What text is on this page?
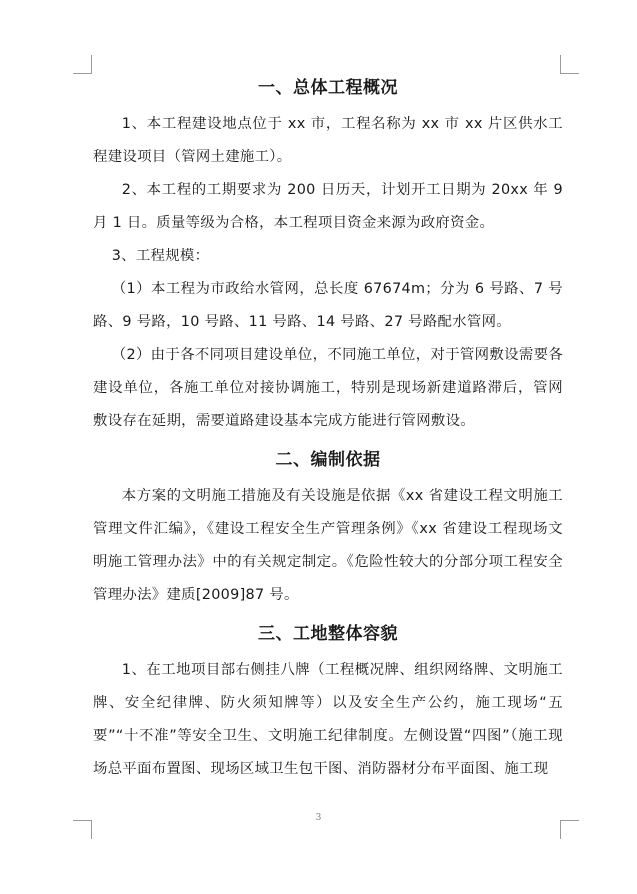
一、总体工程概况

1、本工程建设地点位于 xx 市，工程名称为 xx 市 xx 片区供水工程建设项目（管网土建施工）。

2、本工程的工期要求为 200 日历天，计划开工日期为 20xx 年 9 月 1 日。质量等级为合格，本工程项目资金来源为政府资金。

3、工程规模：

（1）本工程为市政给水管网，总长度 67674m；分为 6 号路、7 号路、9 号路，10 号路、11 号路、14 号路、27 号路配水管网。

（2）由于各不同项目建设单位，不同施工单位，对于管网敷设需要各建设单位，各施工单位对接协调施工，特别是现场新建道路滞后，管网敷设存在延期，需要道路建设基本完成方能进行管网敷设。

二、编制依据

本方案的文明施工措施及有关设施是依据《xx 省建设工程文明施工管理文件汇编》，《建设工程安全生产管理条例》《xx 省建设工程现场文明施工管理办法》中的有关规定制定。《危险性较大的分部分项工程安全管理办法》建质[2009]87 号。

三、工地整体容貌

1、在工地项目部右侧挂八牌（工程概况牌、组织网络牌、文明施工牌、安全纪律牌、防火须知牌等）以及安全生产公约，施工现场“五要”“十不准”等安全卫生、文明施工纪律制度。左侧设置“四图”（施工现场总平面布置图、现场区域卫生包干图、消防器材分布平面图、施工现

3
